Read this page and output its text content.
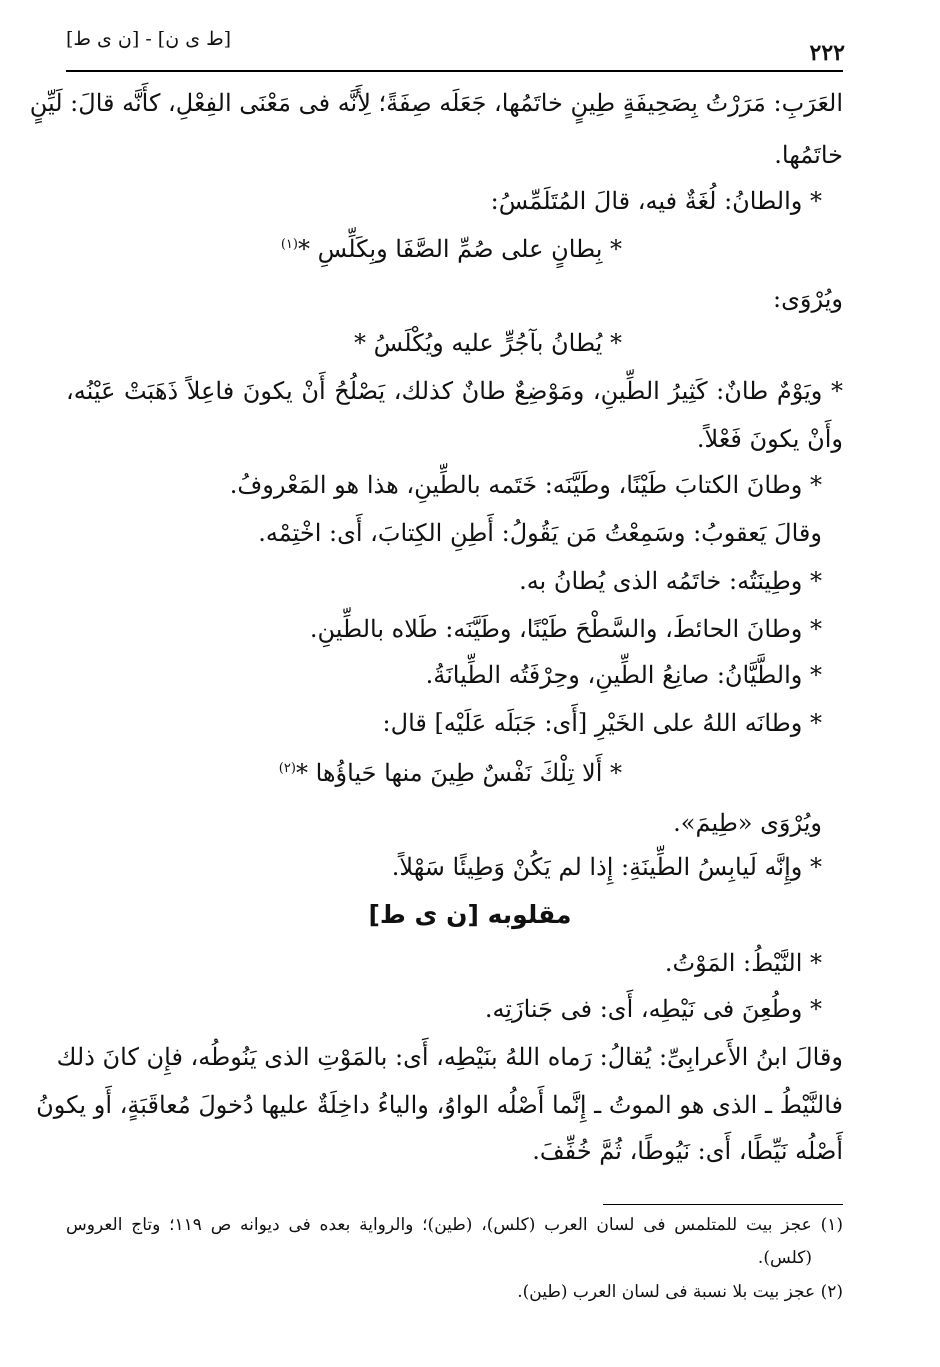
[ط ی ن] - [ن ی ط]
٢٢٢
العَرَبِ: مَرَرْتُ بِصَحِيفَةٍ طِينٍ خاتَمُها، جَعَلَه صِفَةً؛ لِأَنَّه فى مَعْنَى الفِعْلِ، كأَنَّه قالَ: لَيِّنٍ
خاتَمُها.
* والطانُ: لُغَةٌ فيه، قالَ المُتَلَمِّسُ:
* بِطانٍ على صُمِّ الصَّفَا وبِكَلِّسِ *$^{(١)}$
ويُرْوَى:
* يُطانُ بآجُرٍّ عليه ويُكْلَسُ *
* ويَوْمٌ طانٌ: كَثِيرُ الطِّينِ، ومَوْضِعٌ طانٌ كذلك، يَصْلُحُ أَنْ يكونَ فاعِلاً ذَهَبَتْ عَيْنُه،
وأَنْ يكونَ فَعْلاً.
* وطانَ الكتابَ طَيْنًا، وطَيَّنَه: خَتَمه بالطِّينِ، هذا هو المَعْروفُ.
وقالَ يَعقوبُ: وسَمِعْتُ مَن يَقُولُ: أَطِنِ الكِتابَ، أَى: اخْتِمْه.
* وطِينَتُه: خاتَمُه الذى يُطانُ به.
* وطانَ الحائطَ، والسَّطْحَ طَيْنًا، وطَيَّنَه: طَلاه بالطِّينِ.
* والطَّيَّانُ: صانِعُ الطِّينِ، وحِرْفَتُه الطِّيانَةُ.
* وطانَه اللهُ على الخَيْرِ [أَى: جَبَلَه عَلَيْه] قال:
* أَلا تِلْكَ نَفْسٌ طِينَ منها حَياؤُها *$^{(٢)}$
ويُرْوَى «طِيمَ».
* وإِنَّه لَيابِسُ الطِّينَةِ: إِذا لم يَكُنْ وَطِيئًا سَهْلاً.
مقلوبه [ن ی ط]
* النَّيْطُ: المَوْتُ.
* وطُعِنَ فى نَيْطِه، أَى: فى جَنازَتِه.
وقالَ ابنُ الأَعرابِىِّ: يُقالُ: رَماه اللهُ بنَيْطِه، أَى: بالمَوْتِ الذى يَنُوطُه، فإِن كانَ ذلك
فالنَّيْطُ ـ الذى هو الموتُ ـ إِنَّما أَصْلُه الواوُ، والياءُ داخِلَةٌ عليها دُخولَ مُعاقَبَةٍ، أَو يكونُ
أَصْلُه نَيِّطًا، أَى: نَيُوطًا، ثُمَّ خُفِّفَ.
(١) عجز بيت للمتلمس فى لسان العرب (كلس)، (طين)؛ والرواية بعده فى ديوانه ص ١١٩؛ وتاج العروس
(كلس).
(٢) عجز بيت بلا نسبة فى لسان العرب (طين).
